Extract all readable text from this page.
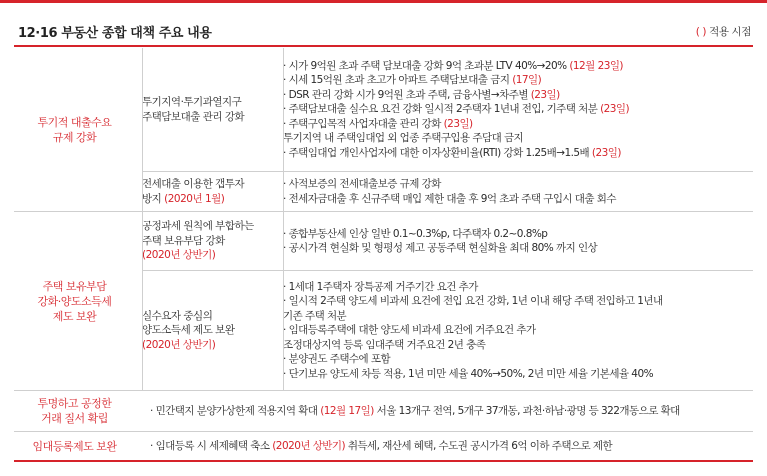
12·16 부동산 종합 대책 주요 내용	( ) 적용 시점
투기적 대출수요
규제 강화
주택 보유부담
강화·양도소득세
제도 보완
투명하고 공정한
거래 질서 확립
임대등록제도 보완
투기지역·투기과열지구
주택담보대출 관리 강화
· 시가 9억원 초과 주택 담보대출 강화 9억 초과분 LTV 40%→20% (12월 23일)
· 시세 15억원 초과 초고가 아파트 주택담보대출 금지 (17일)
· DSR 관리 강화 시가 9억원 초과 주택, 금융사별→차주별 (23일)
· 주택담보대출 실수요 요건 강화 일시적 2주택자 1년내 전입, 기주택 처분 (23일)
· 주택구입목적 사업자대출 관리 강화 (23일)
투기지역 내 주택임대업 외 업종 주택구입용 주담대 금지
· 주택임대업 개인사업자에 대한 이자상환비율(RTI) 강화 1.25배→1.5배 (23일)
전세대출 이용한 갭투자
방지 (2020년 1월)
· 사적보증의 전세대출보증 규제 강화
· 전세자금대출 후 신규주택 매입 제한 대출 후 9억 초과 주택 구입시 대출 회수
공정과세 원칙에 부합하는
주택 보유부담 강화
(2020년 상반기)
· 종합부동산세 인상 일반 0.1~0.3%p, 다주택자 0.2~0.8%p
· 공시가격 현실화 및 형평성 제고 공동주택 현실화율 최대 80% 까지 인상
실수요자 중심의
양도소득세 제도 보완
(2020년 상반기)
· 1세대 1주택자 장특공제 거주기간 요건 추가
· 일시적 2주택 양도세 비과세 요건에 전입 요건 강화, 1년 이내 해당 주택 전입하고 1년내
기존 주택 처분
· 임대등록주택에 대한 양도세 비과세 요건에 거주요건 추가
조정대상지역 등록 임대주택 거주요건 2년 충족
· 분양권도 주택수에 포함
· 단기보유 양도세 차등 적용, 1년 미만 세율 40%→50%, 2년 미만 세율 기본세율 40%
· 민간택지 분양가상한제 적용지역 확대
(12월 17일)
서울 13개구 전역, 5개구 37개동, 과천·하남·광명 등 322개동으로 확대
· 임대등록 시 세제혜택 축소
(2020년 상반기)
취득세, 재산세 혜택, 수도권 공시가격 6억 이하 주택으로 제한
